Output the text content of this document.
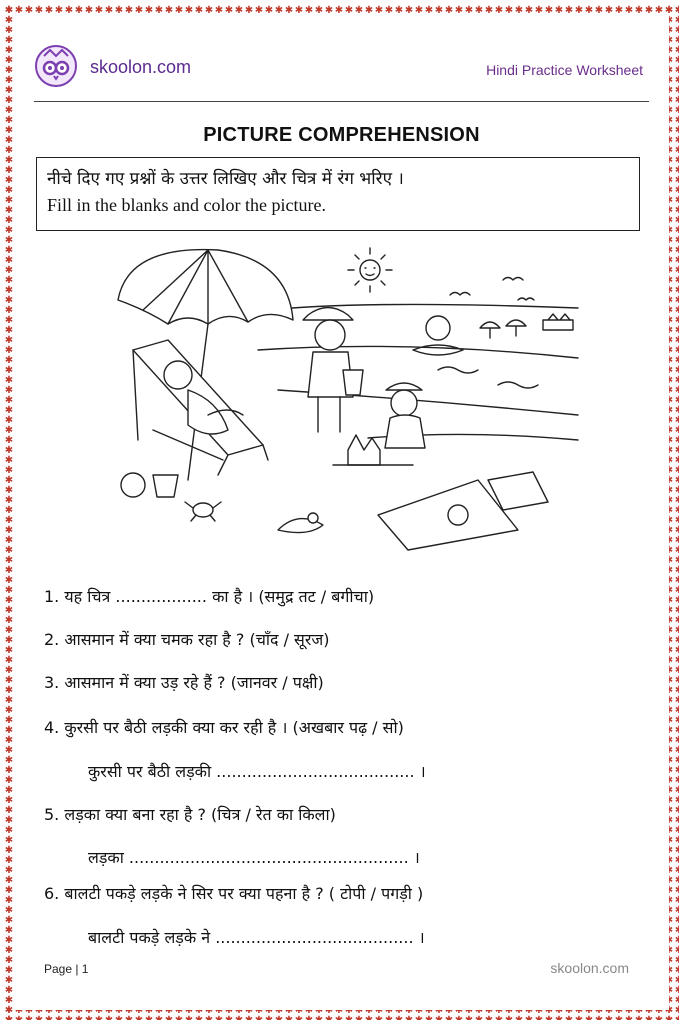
skoolon.com	Hindi Practice Worksheet
PICTURE COMPREHENSION
नीचे दिए गए प्रश्नों के उत्तर लिखिए और चित्र में रंग भरिए ।
Fill in the blanks and color the picture.
1. यह चित्र .................. का है । (समुद्र तट / बगीचा)
2. आसमान में क्या चमक रहा है ? (चाँद / सूरज)
3. आसमान में क्या उड़ रहे हैं ? (जानवर / पक्षी)
4. कुरसी पर बैठी लड़की क्या कर रही है । (अखबार पढ़ / सो)
कुरसी पर बैठी लड़की ....................................... ।
5. लड़का क्या बना रहा है ? (चित्र / रेत का किला)
लड़का ....................................................... ।
6. बालटी पकड़े लड़के ने सिर पर क्या पहना है ? ( टोपी / पगड़ी )
बालटी पकड़े लड़के ने ....................................... ।
Page | 1	skoolon.com
